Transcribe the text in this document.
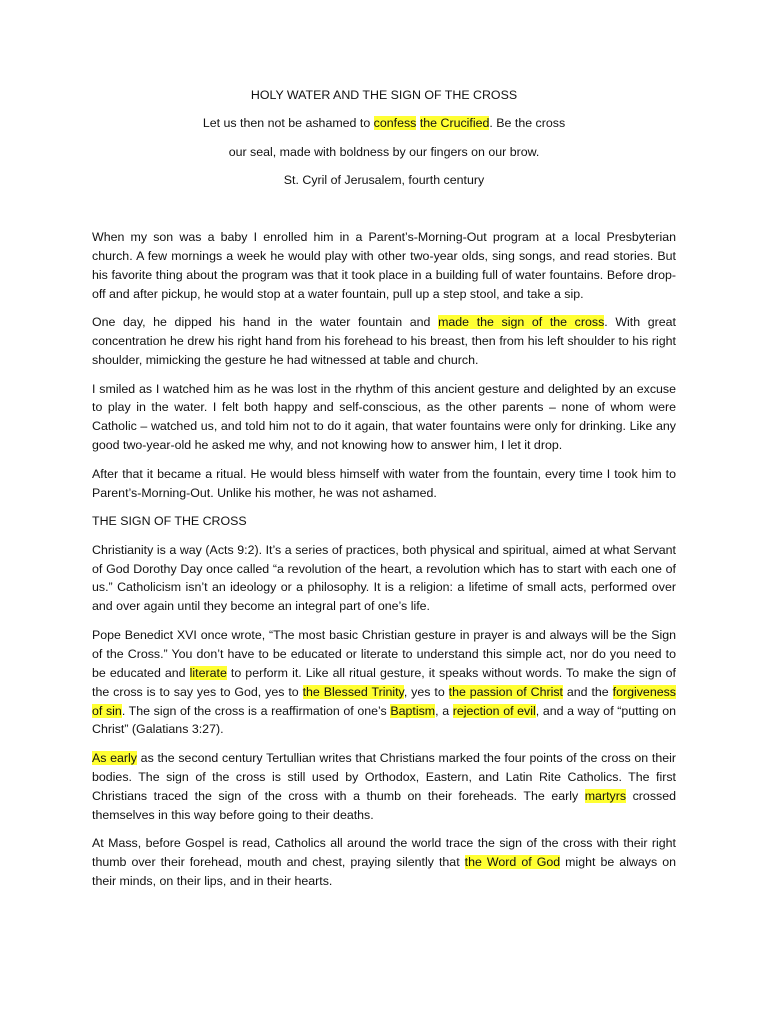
HOLY WATER AND THE SIGN OF THE CROSS
Let us then not be ashamed to confess the Crucified. Be the cross
our seal, made with boldness by our fingers on our brow.
St. Cyril of Jerusalem, fourth century

When my son was a baby I enrolled him in a Parent’s-Morning-Out program at a local Presbyterian church. A few mornings a week he would play with other two-year olds, sing songs, and read stories. But his favorite thing about the program was that it took place in a building full of water fountains. Before drop-off and after pickup, he would stop at a water fountain, pull up a step stool, and take a sip.

One day, he dipped his hand in the water fountain and made the sign of the cross. With great concentration he drew his right hand from his forehead to his breast, then from his left shoulder to his right shoulder, mimicking the gesture he had witnessed at table and church.

I smiled as I watched him as he was lost in the rhythm of this ancient gesture and delighted by an excuse to play in the water. I felt both happy and self-conscious, as the other parents – none of whom were Catholic – watched us, and told him not to do it again, that water fountains were only for drinking. Like any good two-year-old he asked me why, and not knowing how to answer him, I let it drop.

After that it became a ritual. He would bless himself with water from the fountain, every time I took him to Parent’s-Morning-Out. Unlike his mother, he was not ashamed.

THE SIGN OF THE CROSS

Christianity is a way (Acts 9:2). It’s a series of practices, both physical and spiritual, aimed at what Servant of God Dorothy Day once called “a revolution of the heart, a revolution which has to start with each one of us.” Catholicism isn’t an ideology or a philosophy. It is a religion: a lifetime of small acts, performed over and over again until they become an integral part of one’s life.

Pope Benedict XVI once wrote, “The most basic Christian gesture in prayer is and always will be the Sign of the Cross.” You don’t have to be educated or literate to understand this simple act, nor do you need to be educated and literate to perform it. Like all ritual gesture, it speaks without words. To make the sign of the cross is to say yes to God, yes to the Blessed Trinity, yes to the passion of Christ and the forgiveness of sin. The sign of the cross is a reaffirmation of one’s Baptism, a rejection of evil, and a way of “putting on Christ” (Galatians 3:27).

As early as the second century Tertullian writes that Christians marked the four points of the cross on their bodies. The sign of the cross is still used by Orthodox, Eastern, and Latin Rite Catholics. The first Christians traced the sign of the cross with a thumb on their foreheads. The early martyrs crossed themselves in this way before going to their deaths.

At Mass, before Gospel is read, Catholics all around the world trace the sign of the cross with their right thumb over their forehead, mouth and chest, praying silently that the Word of God might be always on their minds, on their lips, and in their hearts.
